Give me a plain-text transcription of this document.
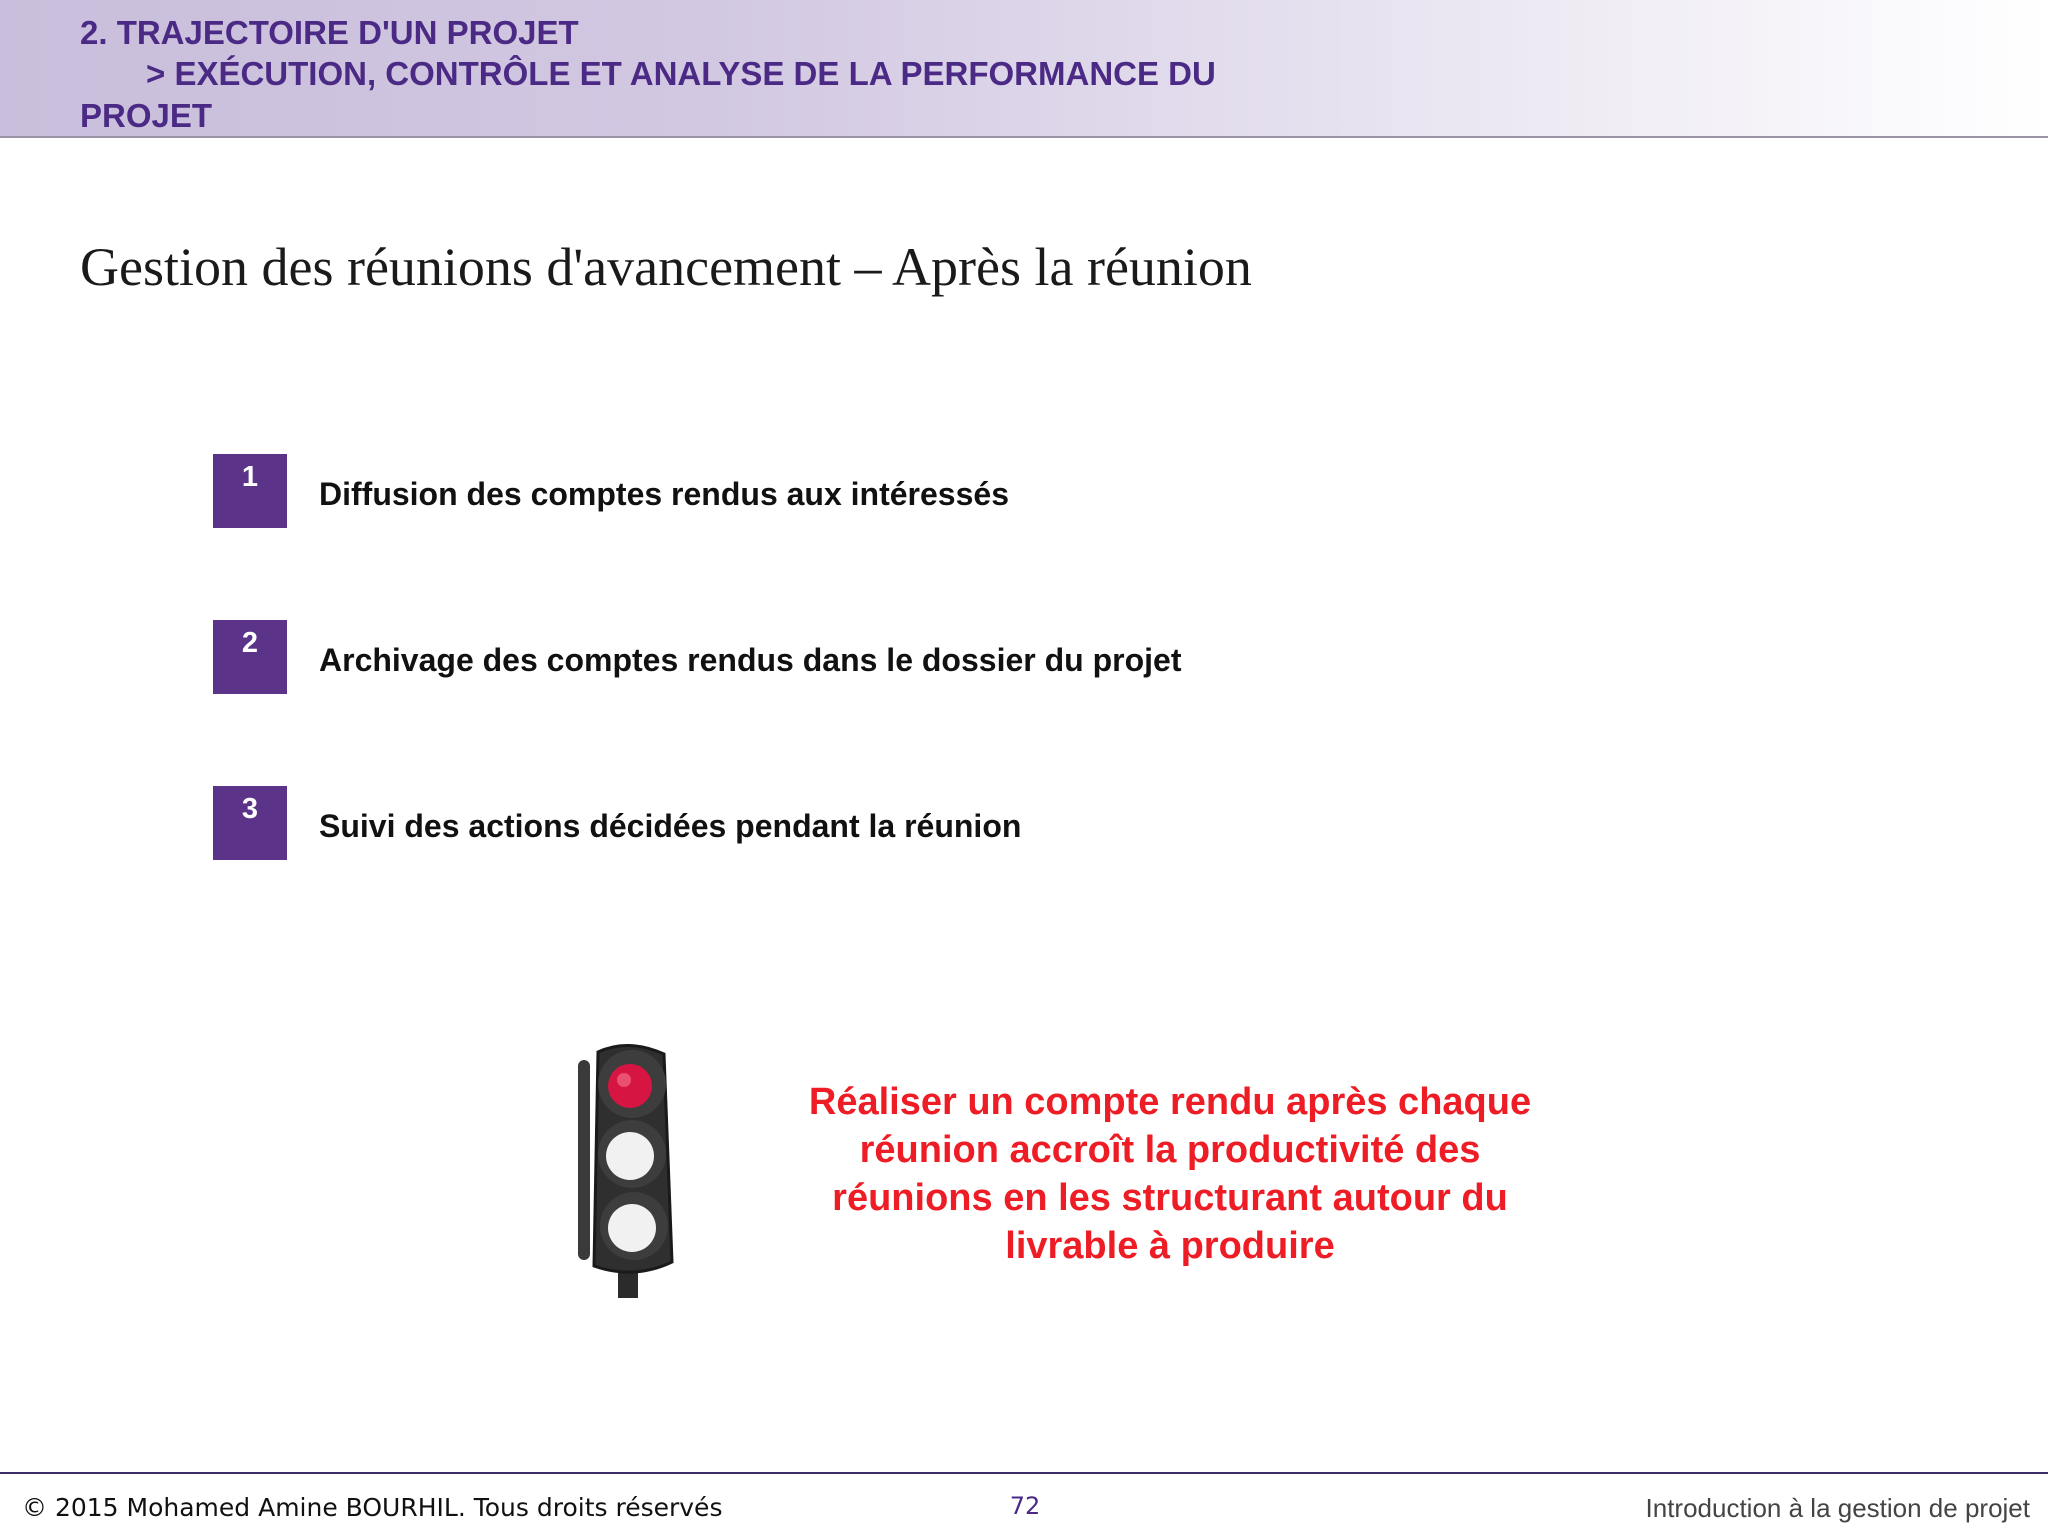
2. TRAJECTOIRE D'UN PROJET
> EXÉCUTION, CONTRÔLE ET ANALYSE DE LA PERFORMANCE DU
PROJET
Gestion des réunions d'avancement – Après la réunion
1	Diffusion des comptes rendus aux intéressés
2	Archivage des comptes rendus dans le dossier du projet
3	Suivi des actions décidées pendant la réunion
Réaliser un compte rendu après chaque
réunion accroît la productivité des
réunions en les structurant autour du
livrable à produire
© 2015 Mohamed Amine BOURHIL. Tous droits réservés	72	Introduction à la gestion de projet
